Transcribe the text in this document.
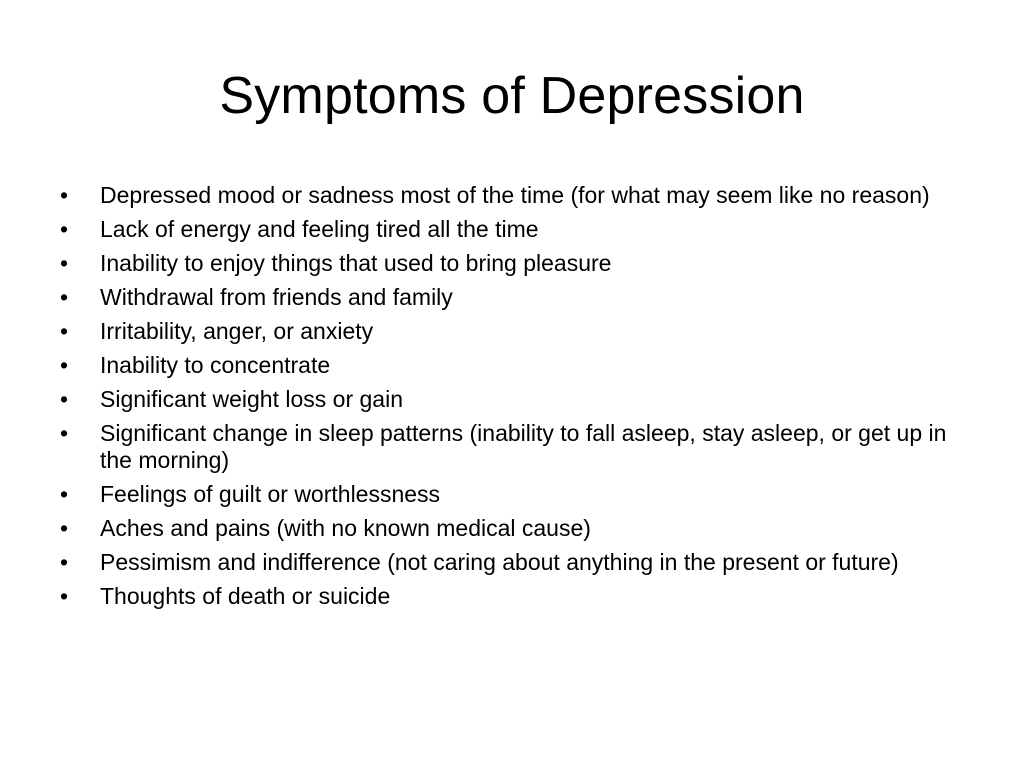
Symptoms of Depression
•	Depressed mood or sadness most of the time (for what may seem like no reason)
•	Lack of energy and feeling tired all the time
•	Inability to enjoy things that used to bring pleasure
•	Withdrawal from friends and family
•	Irritability, anger, or anxiety
•	Inability to concentrate
•	Significant weight loss or gain
•	Significant change in sleep patterns (inability to fall asleep, stay asleep, or get up in the morning)
•	Feelings of guilt or worthlessness
•	Aches and pains (with no known medical cause)
•	Pessimism and indifference (not caring about anything in the present or future)
•	Thoughts of death or suicide
